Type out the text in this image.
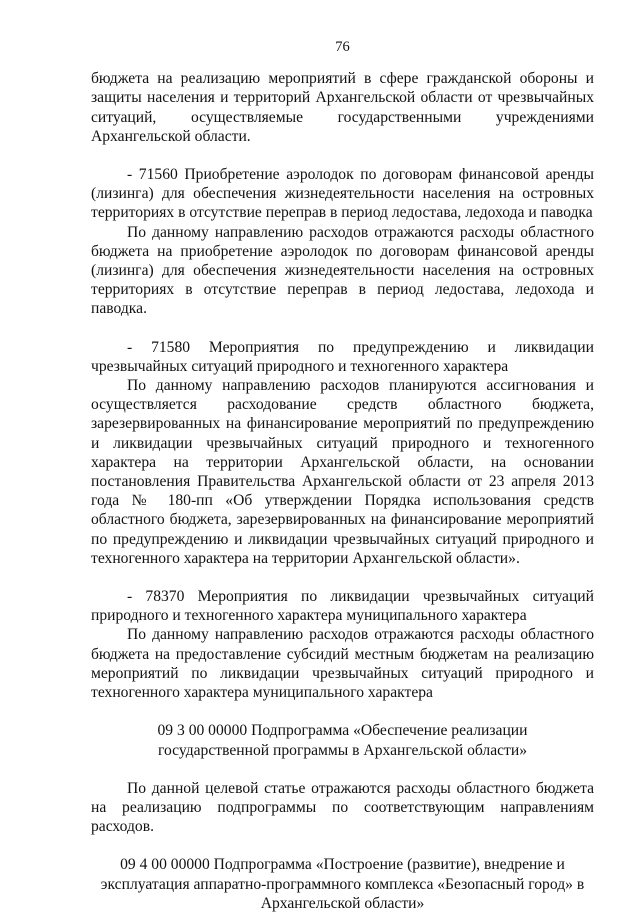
76

бюджета на реализацию мероприятий в сфере гражданской обороны и защиты населения и территорий Архангельской области от чрезвычайных ситуаций, осуществляемые государственными учреждениями Архангельской области.

- 71560 Приобретение аэролодок по договорам финансовой аренды (лизинга) для обеспечения жизнедеятельности населения на островных территориях в отсутствие переправ в период ледостава, ледохода и паводка

По данному направлению расходов отражаются расходы областного бюджета на приобретение аэролодок по договорам финансовой аренды (лизинга) для обеспечения жизнедеятельности населения на островных территориях в отсутствие переправ в период ледостава, ледохода и паводка.

- 71580 Мероприятия по предупреждению и ликвидации чрезвычайных ситуаций природного и техногенного характера

По данному направлению расходов планируются ассигнования и осуществляется расходование средств областного бюджета, зарезервированных на финансирование мероприятий по предупреждению и ликвидации чрезвычайных ситуаций природного и техногенного характера на территории Архангельской области, на основании постановления Правительства Архангельской области от 23 апреля 2013 года № 180-пп «Об утверждении Порядка использования средств областного бюджета, зарезервированных на финансирование мероприятий по предупреждению и ликвидации чрезвычайных ситуаций природного и техногенного характера на территории Архангельской области».

- 78370 Мероприятия по ликвидации чрезвычайных ситуаций природного и техногенного характера муниципального характера

По данному направлению расходов отражаются расходы областного бюджета на предоставление субсидий местным бюджетам на реализацию мероприятий по ликвидации чрезвычайных ситуаций природного и техногенного характера муниципального характера

09 3 00 00000 Подпрограмма «Обеспечение реализации
государственной программы в Архангельской области»

По данной целевой статье отражаются расходы областного бюджета на реализацию подпрограммы по соответствующим направлениям расходов.

09 4 00 00000 Подпрограмма «Построение (развитие), внедрение и
эксплуатация аппаратно-программного комплекса «Безопасный город» в
Архангельской области»
